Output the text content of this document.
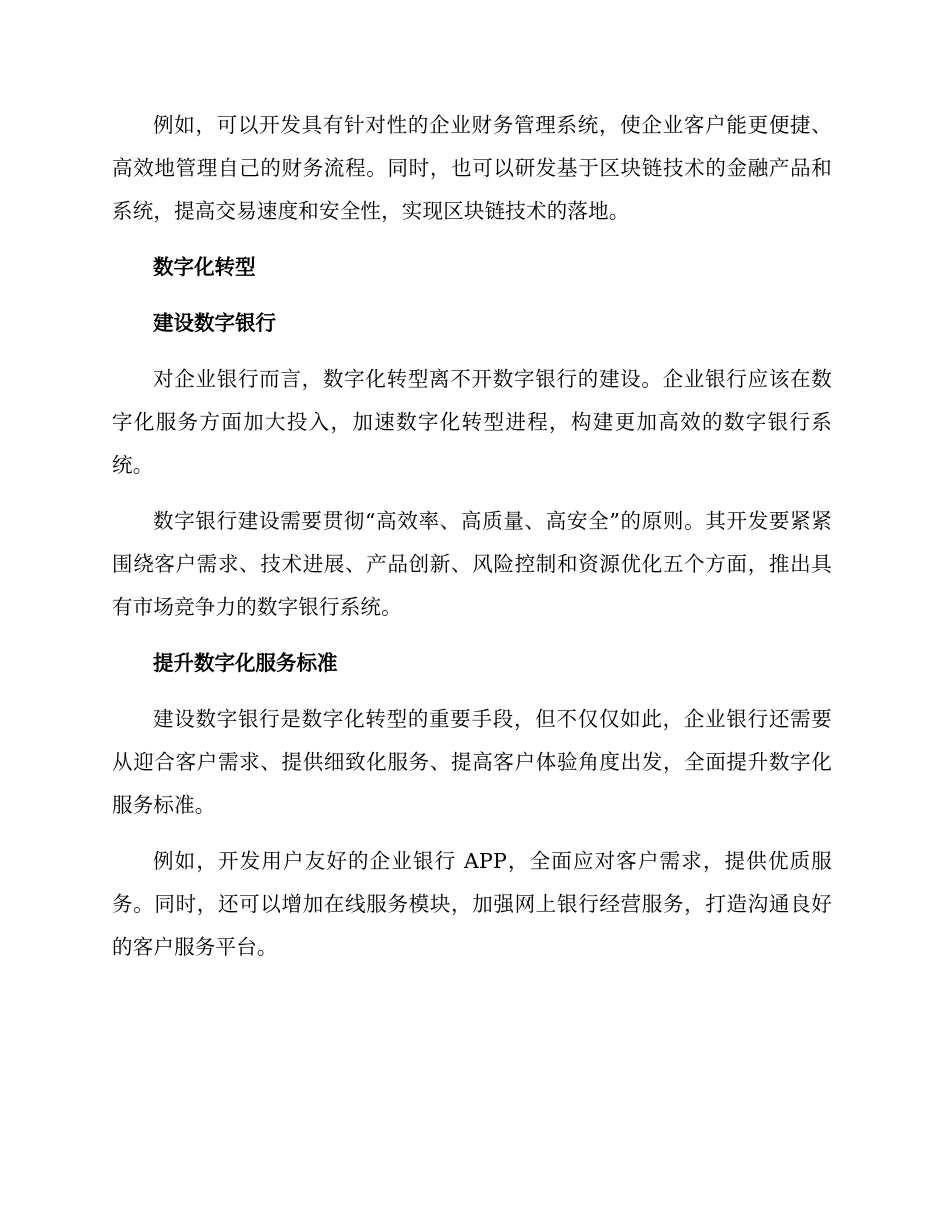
例如，可以开发具有针对性的企业财务管理系统，使企业客户能更便捷、高效地管理自己的财务流程。同时，也可以研发基于区块链技术的金融产品和系统，提高交易速度和安全性，实现区块链技术的落地。

数字化转型

建设数字银行

对企业银行而言，数字化转型离不开数字银行的建设。企业银行应该在数字化服务方面加大投入，加速数字化转型进程，构建更加高效的数字银行系统。

数字银行建设需要贯彻“高效率、高质量、高安全”的原则。其开发要紧紧围绕客户需求、技术进展、产品创新、风险控制和资源优化五个方面，推出具有市场竞争力的数字银行系统。

提升数字化服务标准

建设数字银行是数字化转型的重要手段，但不仅仅如此，企业银行还需要从迎合客户需求、提供细致化服务、提高客户体验角度出发，全面提升数字化服务标准。

例如，开发用户友好的企业银行 APP，全面应对客户需求，提供优质服务。同时，还可以增加在线服务模块，加强网上银行经营服务，打造沟通良好的客户服务平台。
